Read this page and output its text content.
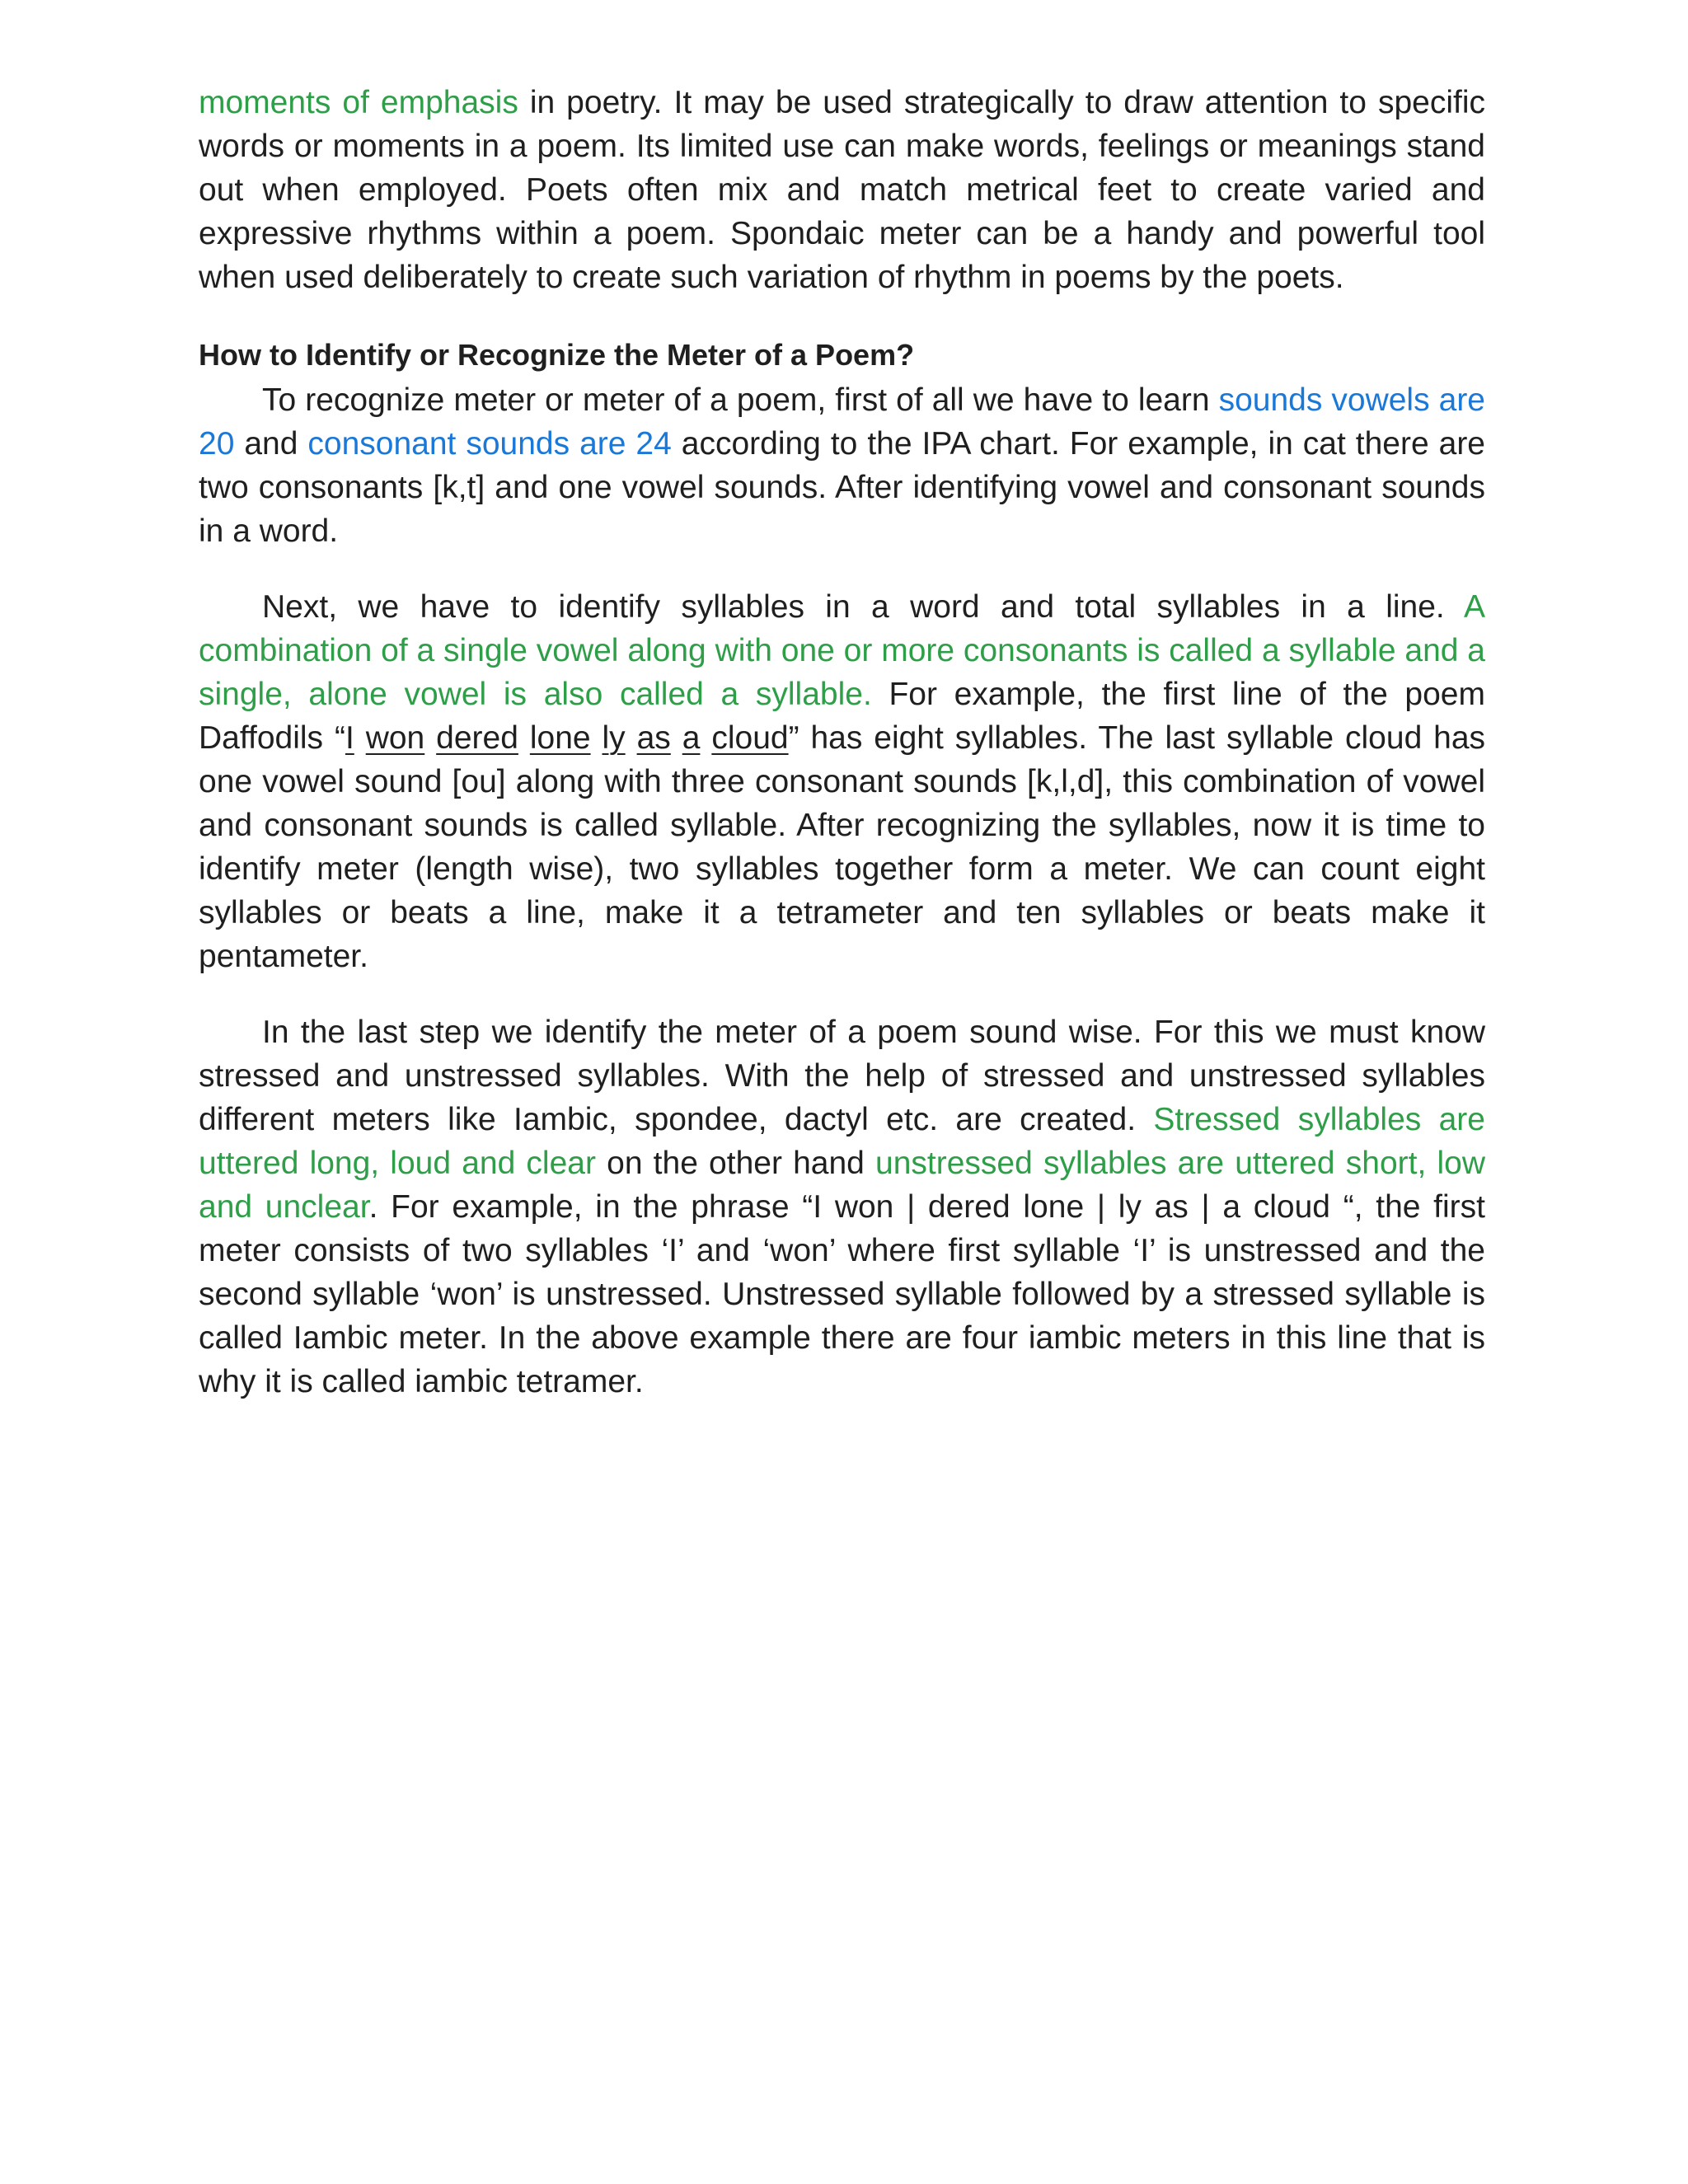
moments of emphasis in poetry. It may be used strategically to draw attention to specific words or moments in a poem. Its limited use can make words, feelings or meanings stand out when employed. Poets often mix and match metrical feet to create varied and expressive rhythms within a poem. Spondaic meter can be a handy and powerful tool when used deliberately to create such variation of rhythm in poems by the poets.

How to Identify or Recognize the Meter of a Poem?

To recognize meter or meter of a poem, first of all we have to learn sounds vowels are 20 and consonant sounds are 24 according to the IPA chart. For example, in cat there are two consonants [k,t] and one vowel sounds. After identifying vowel and consonant sounds in a word.

Next, we have to identify syllables in a word and total syllables in a line. A combination of a single vowel along with one or more consonants is called a syllable and a single, alone vowel is also called a syllable. For example, the first line of the poem Daffodils “I won dered lone ly as a cloud” has eight syllables. The last syllable cloud has one vowel sound [ou] along with three consonant sounds [k,l,d], this combination of vowel and consonant sounds is called syllable. After recognizing the syllables, now it is time to identify meter (length wise), two syllables together form a meter. We can count eight syllables or beats a line, make it a tetrameter and ten syllables or beats make it pentameter.

In the last step we identify the meter of a poem sound wise. For this we must know stressed and unstressed syllables. With the help of stressed and unstressed syllables different meters like Iambic, spondee, dactyl etc. are created. Stressed syllables are uttered long, loud and clear on the other hand unstressed syllables are uttered short, low and unclear. For example, in the phrase “I won | dered lone | ly as | a cloud “, the first meter consists of two syllables ‘I’ and ‘won’ where first syllable ‘I’ is unstressed and the second syllable ‘won’ is unstressed. Unstressed syllable followed by a stressed syllable is called Iambic meter. In the above example there are four iambic meters in this line that is why it is called iambic tetramer.
